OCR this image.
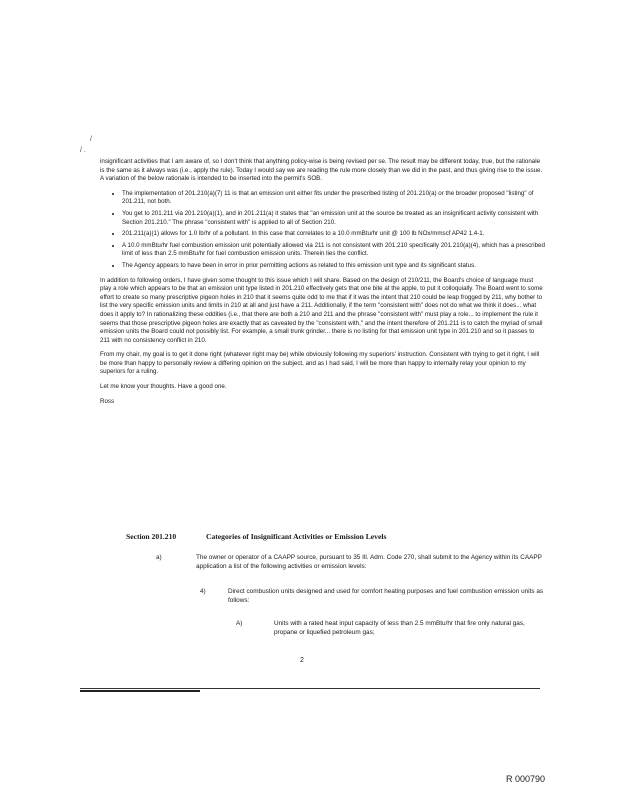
/
/ .

insignificant activities that I am aware of, so I don't think that anything policy-wise is being revised per se. The result may be different today, true, but the rationale is the same as it always was (i.e., apply the rule). Today I would say we are reading the rule more closely than we did in the past, and thus giving rise to the issue. A variation of the below rationale is intended to be inserted into the permit's SOB.

• The implementation of 201.210(a)(7) 11 is that an emission unit either fits under the prescribed listing of 201.210(a) or the broader proposed "listing" of 201.211, not both.
• You get to 201.211 via 201.210(a)(1), and in 201.211(a) it states that "an emission unit at the source be treated as an insignificant activity consistent with Section 201.210." The phrase "consistent with" is applied to all of Section 210.
• 201.211(a)(1) allows for 1.0 lb/hr of a pollutant. In this case that correlates to a 10.0 mmBtu/hr unit @ 100 lb NOx/mmscf AP42 1.4-1.
• A 10.0 mmBtu/hr fuel combustion emission unit potentially allowed via 211 is not consistent with 201.210 specifically 201.210(a)(4), which has a prescribed limit of less than 2.5 mmBtu/hr for fuel combustion emission units. Therein lies the conflict.
• The Agency appears to have been in error in prior permitting actions as related to this emission unit type and its significant status.

In addition to following orders, I have given some thought to this issue which I will share. Based on the design of 210/211, the Board's choice of language must play a role which appears to be that an emission unit type listed in 201.210 effectively gets that one bite at the apple, to put it colloquially. The Board went to some effort to create so many prescriptive pigeon holes in 210 that it seems quite odd to me that if it was the intent that 210 could be leap frogged by 211, why bother to list the very specific emission units and limits in 210 at all and just have a 211. Additionally, if the term "consistent with" does not do what we think it does... what does it apply to? In rationalizing these oddities (i.e., that there are both a 210 and 211 and the phrase "consistent with" must play a role... to implement the rule it seems that those prescriptive pigeon holes are exactly that as caveated by the "consistent with," and the intent therefore of 201.211 is to catch the myriad of small emission units the Board could not possibly list. For example, a small trunk grinder... there is no listing for that emission unit type in 201.210 and so it passes to 211 with no consistency conflict in 210.

From my chair, my goal is to get it done right (whatever right may be) while obviously following my superiors' instruction. Consistent with trying to get it right, I will be more than happy to personally review a differing opinion on the subject, and as I had said, I will be more than happy to internally relay your opinion to my superiors for a ruling.

Let me know your thoughts. Have a good one.

Ross

Section 201.210	Categories of Insignificant Activities or Emission Levels
a)	The owner or operator of a CAAPP source, pursuant to 35 Ill. Adm. Code 270, shall submit to the Agency within its CAAPP application a list of the following activities or emission levels:
4)	Direct combustion units designed and used for comfort heating purposes and fuel combustion emission units as follows:
A)	Units with a rated heat input capacity of less than 2.5 mmBtu/hr that fire only natural gas, propane or liquefied petroleum gas;
2
R 000790
